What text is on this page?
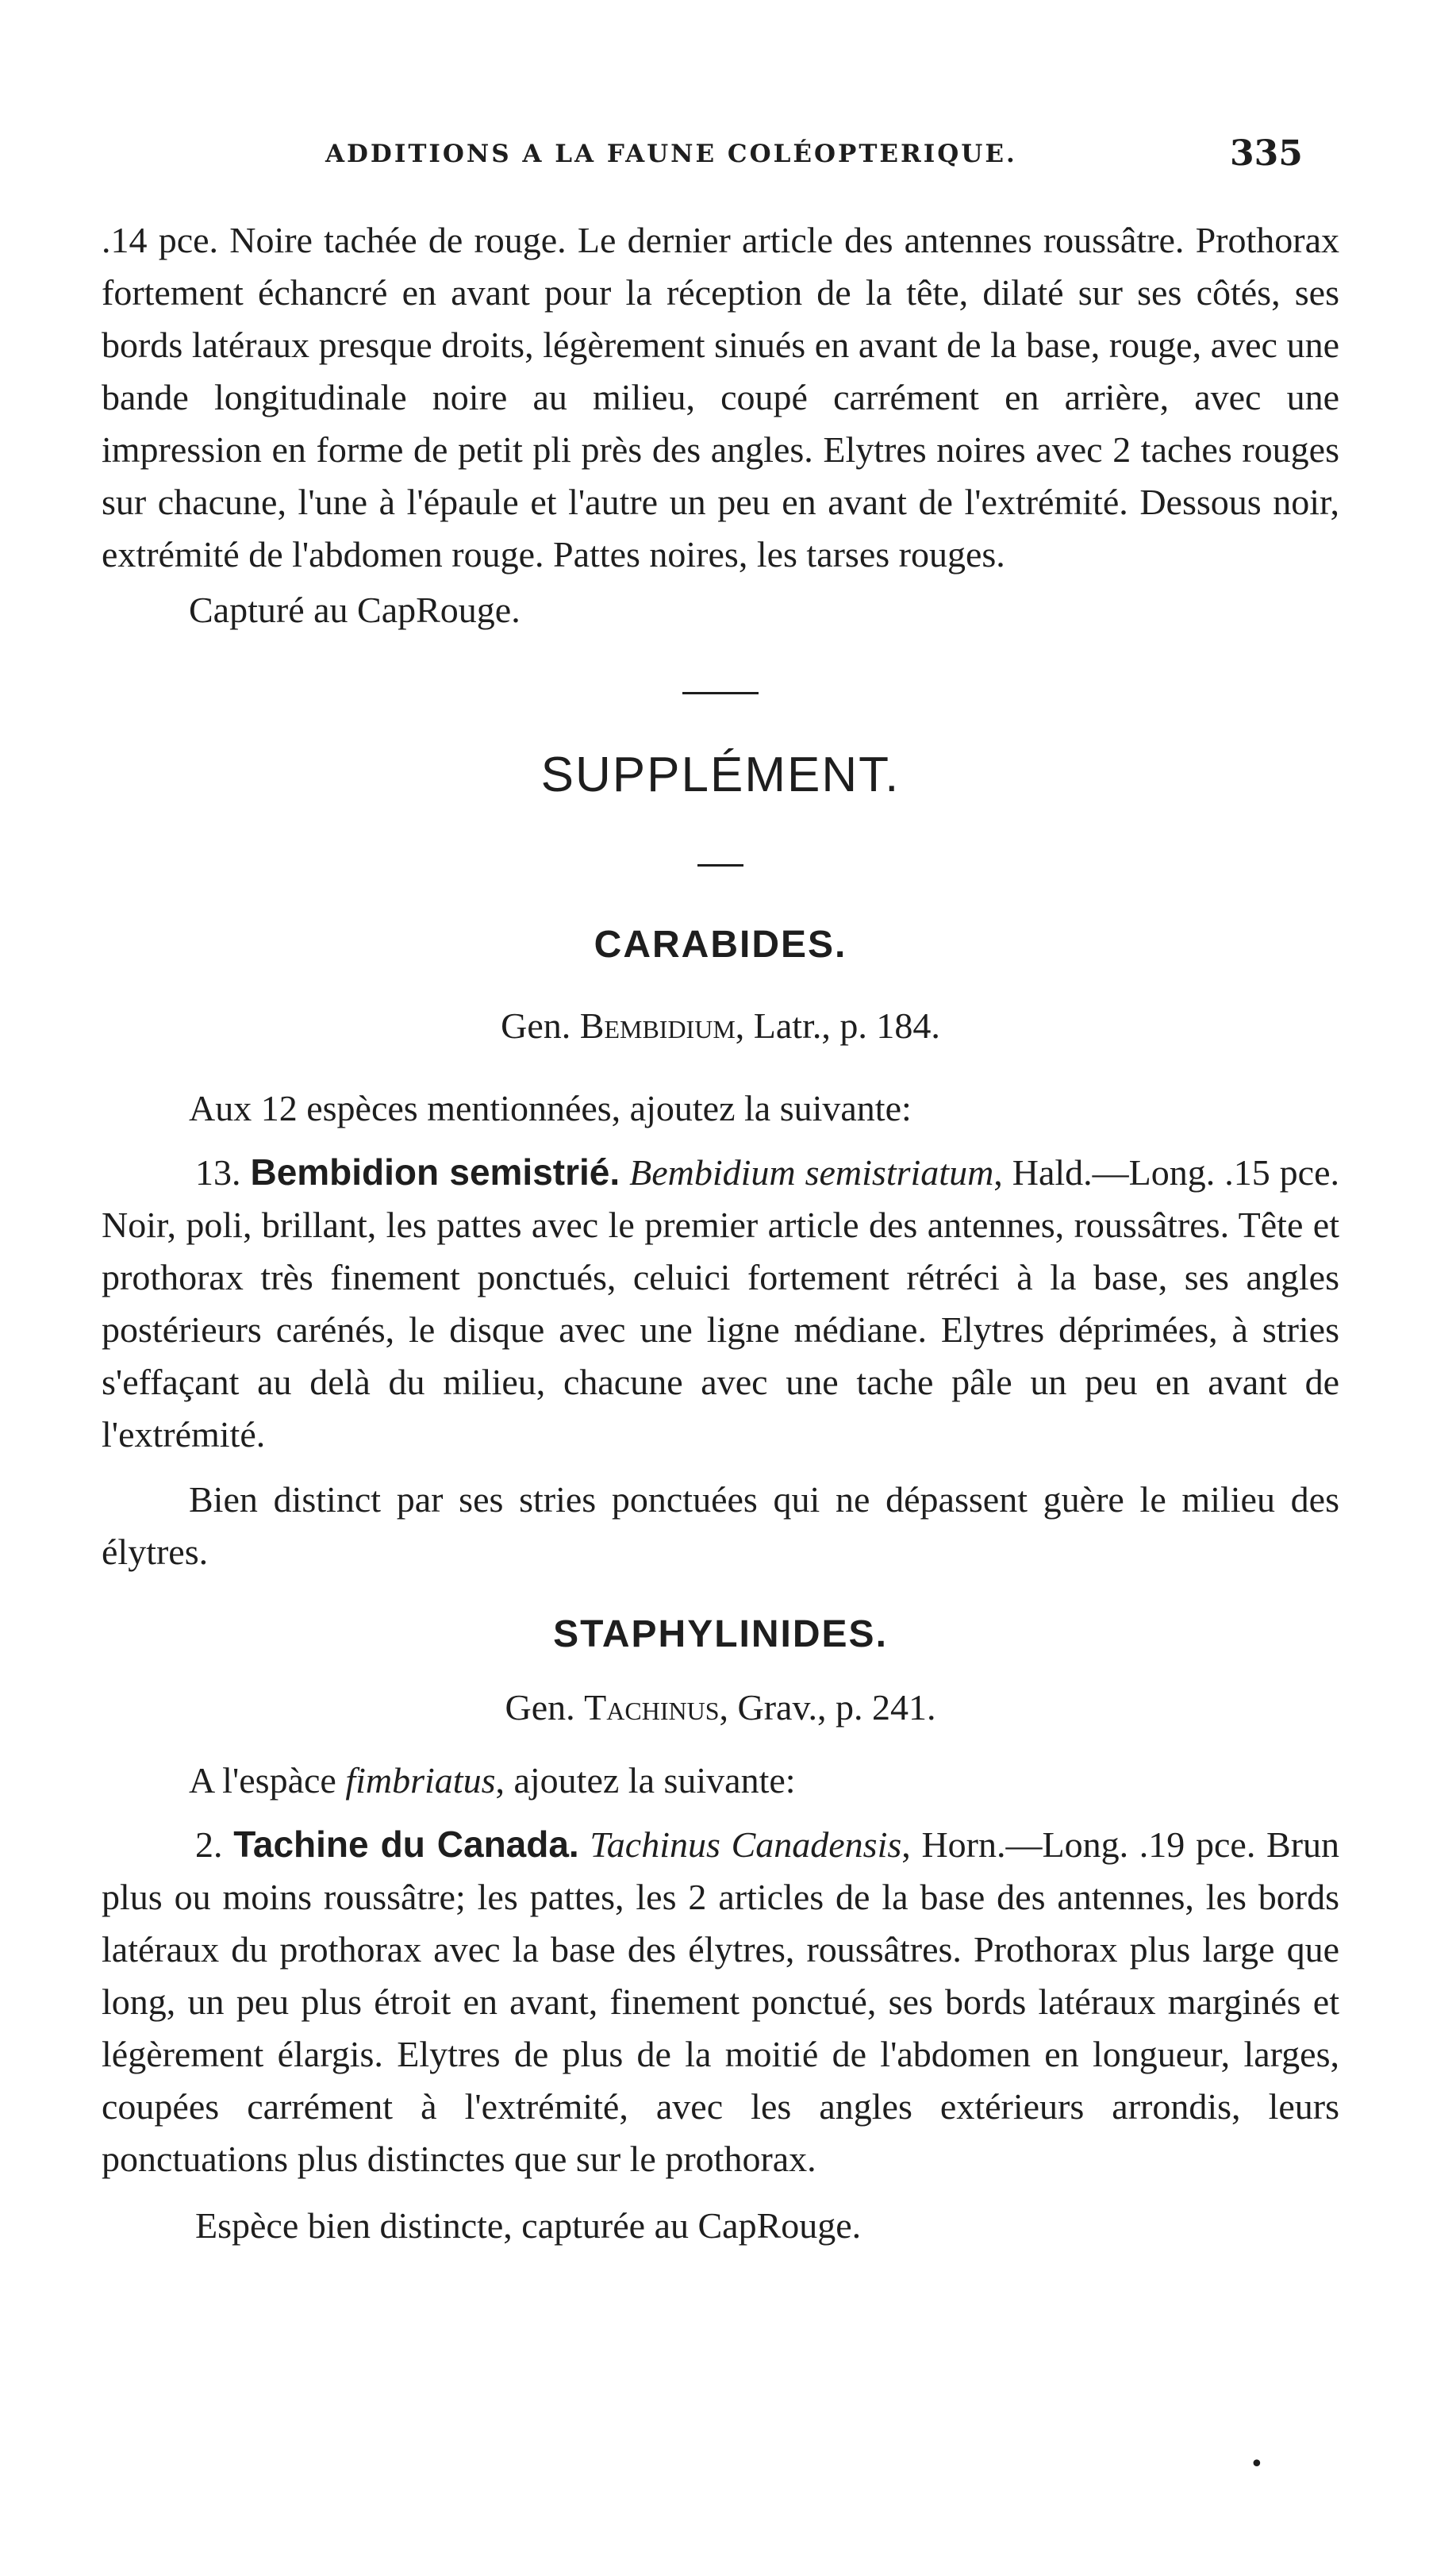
ADDITIONS A LA FAUNE COLÉOPTERIQUE.	335

.14 pce. Noire tachée de rouge. Le dernier article des antennes roussâtre. Prothorax fortement échancré en avant pour la réception de la tête, dilaté sur ses côtés, ses bords latéraux presque droits, légèrement sinués en avant de la base, rouge, avec une bande longitudinale noire au milieu, coupé carrément en arrière, avec une impression en forme de petit pli près des angles. Elytres noires avec 2 taches rouges sur chacune, l'une à l'épaule et l'autre un peu en avant de l'extrémité. Dessous noir, extrémité de l'abdomen rouge. Pattes noires, les tarses rouges.

Capturé au CapRouge.

SUPPLÉMENT.
CARABIDES.
Gen. Bembidium, Latr., p. 184.

Aux 12 espèces mentionnées, ajoutez la suivante:

13. Bembidion semistrié. Bembidium semistriatum, Hald.—Long. .15 pce. Noir, poli, brillant, les pattes avec le premier article des antennes, roussâtres. Tête et prothorax très finement ponctués, celuici fortement rétréci à la base, ses angles postérieurs carénés, le disque avec une ligne médiane. Elytres déprimées, à stries s'effaçant au delà du milieu, chacune avec une tache pâle un peu en avant de l'extrémité.

Bien distinct par ses stries ponctuées qui ne dépassent guère le milieu des élytres.

STAPHYLINIDES.
Gen. Tachinus, Grav., p. 241.

A l'espàce fimbriatus, ajoutez la suivante:

2. Tachine du Canada. Tachinus Canadensis, Horn.—Long. .19 pce. Brun plus ou moins roussâtre; les pattes, les 2 articles de la base des antennes, les bords latéraux du prothorax avec la base des élytres, roussâtres. Prothorax plus large que long, un peu plus étroit en avant, finement ponctué, ses bords latéraux marginés et légèrement élargis. Elytres de plus de la moitié de l'abdomen en longueur, larges, coupées carrément à l'extrémité, avec les angles extérieurs arrondis, leurs ponctuations plus distinctes que sur le prothorax.

Espèce bien distincte, capturée au CapRouge.

•
